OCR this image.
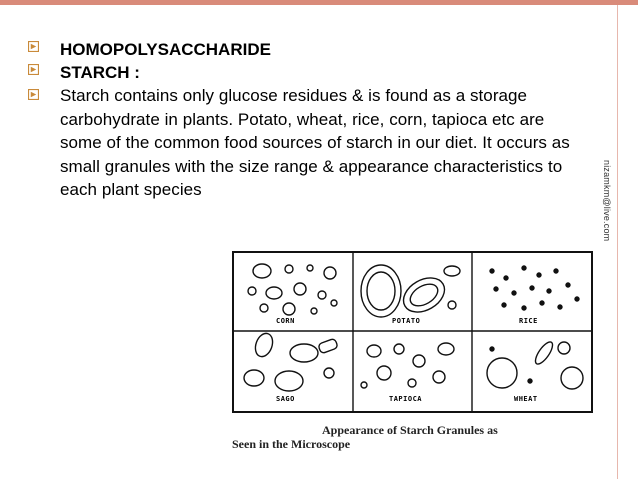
nizamkm@live.com
HOMOPOLYSACCHARIDE
STARCH :
Starch contains only glucose residues & is found as a storage carbohydrate in plants. Potato, wheat, rice, corn, tapioca etc are some of the common food sources of starch in our diet. It occurs as small granules with the size range & appearance characteristics to each plant species
CORN	POTATO	RICE
SAGO	TAPIOCA	WHEAT
Appearance of Starch Granules as
Seen in the Microscope
